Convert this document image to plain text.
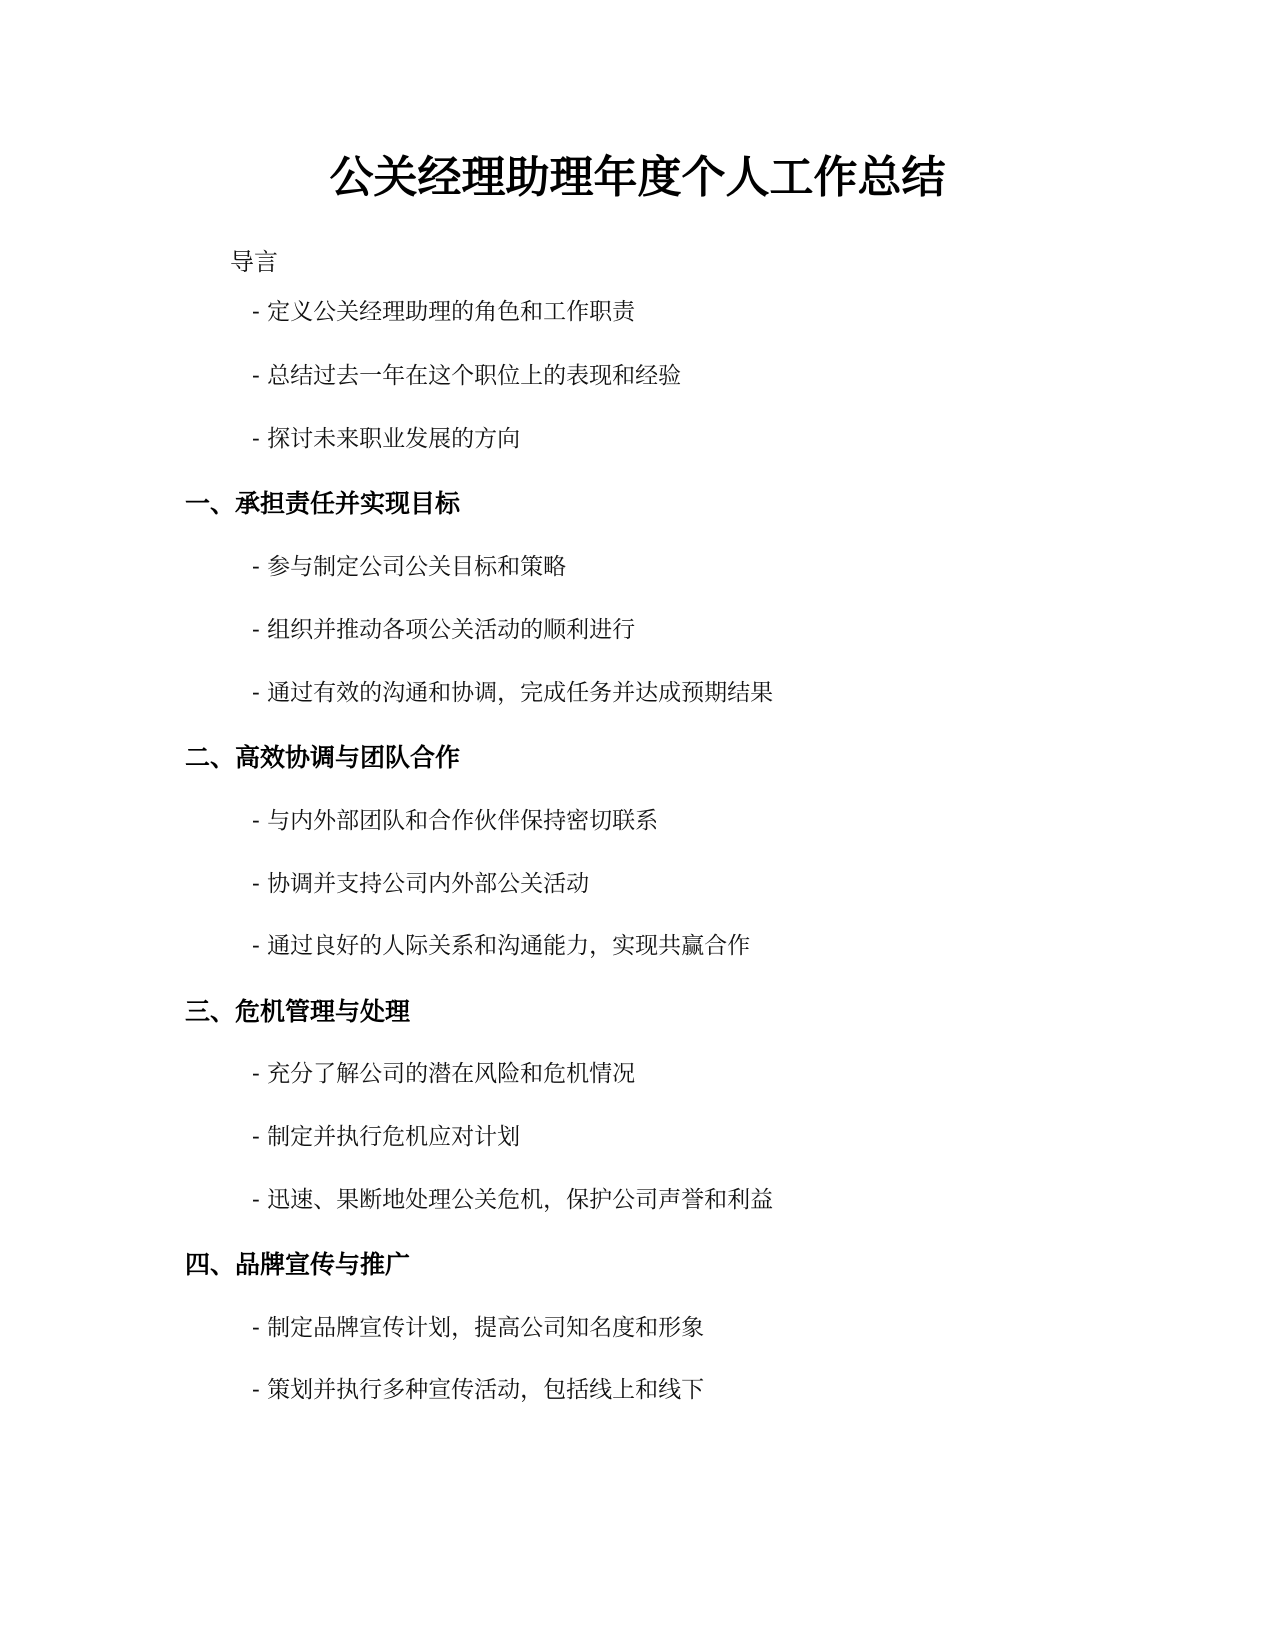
公关经理助理年度个人工作总结

导言

- 定义公关经理助理的角色和工作职责

- 总结过去一年在这个职位上的表现和经验

- 探讨未来职业发展的方向

一、承担责任并实现目标

- 参与制定公司公关目标和策略

- 组织并推动各项公关活动的顺利进行

- 通过有效的沟通和协调，完成任务并达成预期结果

二、高效协调与团队合作

- 与内外部团队和合作伙伴保持密切联系

- 协调并支持公司内外部公关活动

- 通过良好的人际关系和沟通能力，实现共赢合作

三、危机管理与处理

- 充分了解公司的潜在风险和危机情况

- 制定并执行危机应对计划

- 迅速、果断地处理公关危机，保护公司声誉和利益

四、品牌宣传与推广

- 制定品牌宣传计划，提高公司知名度和形象

- 策划并执行多种宣传活动，包括线上和线下
